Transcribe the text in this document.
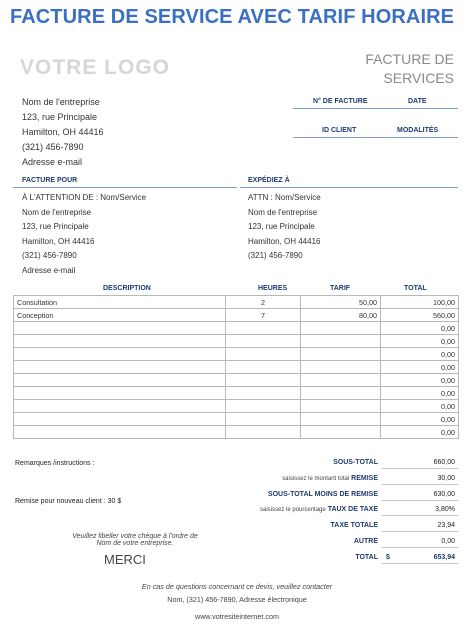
FACTURE DE SERVICE AVEC TARIF HORAIRE
VOTRE LOGO	FACTURE DE
SERVICES
Nom de l'entreprise
123, rue Principale
Hamilton, OH 44416
(321) 456-7890
Adresse e-mail
N° DE FACTURE	DATE
ID CLIENT	MODALITÉS
FACTURE POUR	EXPÉDIEZ À
À L'ATTENTION DE : Nom/Service
Nom de l'entreprise
123, rue Principale
Hamilton, OH 44416
(321) 456-7890
Adresse e-mail
ATTN : Nom/Service
Nom de l'entreprise
123, rue Principale
Hamilton, OH 44416
(321) 456-7890
DESCRIPTION	HEURES	TARIF	TOTAL
Consultation	2	50,00	100,00
Conception	7	80,00	560,00
			0,00
			0,00
			0,00
			0,00
			0,00
			0,00
			0,00
			0,00
			0,00
Remarques /instructions :
Remise pour nouveau client : 30 $
Veuillez libeller votre chèque à l'ordre de
Nom de votre entreprise.
MERCI
SOUS-TOTAL	660,00
saisissez le montant total REMISE	30,00
SOUS-TOTAL MOINS DE REMISE	630,00
saisissez le pourcentage TAUX DE TAXE	3,80%
TAXE TOTALE	23,94
AUTRE	0,00
TOTAL $	653,94
En cas de questions concernant ce devis, veuillez contacter
Nom, (321) 456-7890, Adresse électronique
www.votresiteinternet.com
